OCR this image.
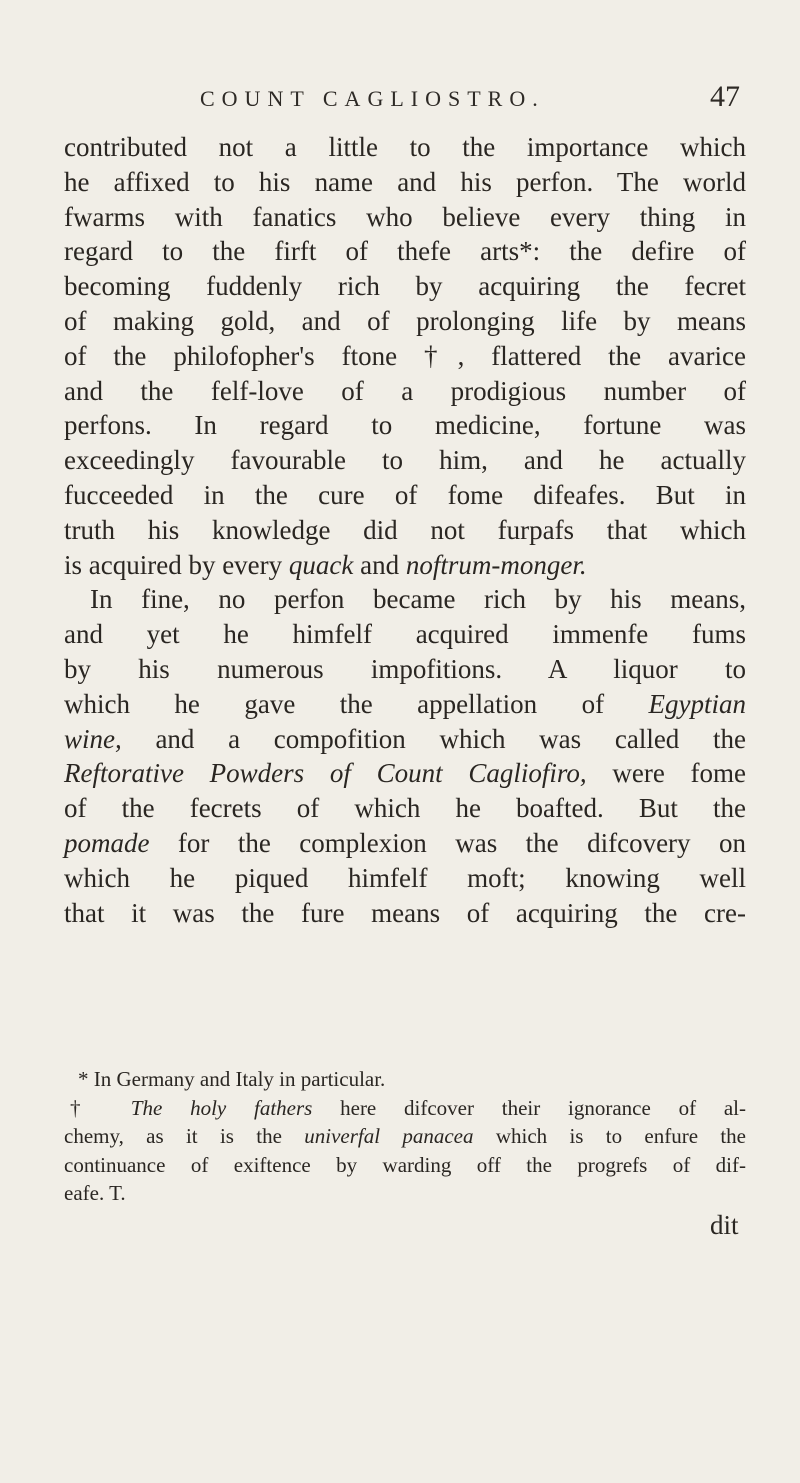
COUNT CAGLIOSTRO.	47
contributed not a little to the importance which
he affixed to his name and his perfon. The world
fwarms with fanatics who believe every thing in
regard to the firft of thefe arts*: the defire of
becoming fuddenly rich by acquiring the fecret
of making gold, and of prolonging life by means
of the philofopher's ftone †, flattered the avarice
and the felf-love of a prodigious number of
perfons. In regard to medicine, fortune was
exceedingly favourable to him, and he actually
fucceeded in the cure of fome difeafes. But in
truth his knowledge did not furpafs that which
is acquired by every quack and noftrum-monger.
In fine, no perfon became rich by his means,
and yet he himfelf acquired immenfe fums
by his numerous impofitions. A liquor to
which he gave the appellation of Egyptian
wine, and a compofition which was called the
Reftorative Powders of Count Cagliofiro, were fome
of the fecrets of which he boafted. But the
pomade for the complexion was the difcovery on
which he piqued himfelf moft; knowing well
that it was the fure means of acquiring the cre-
* In Germany and Italy in particular.
† The holy fathers here difcover their ignorance of al-
chemy, as it is the univerfal panacea which is to enfure the
continuance of exiftence by warding off the progrefs of dif-
eafe. T.
dit
